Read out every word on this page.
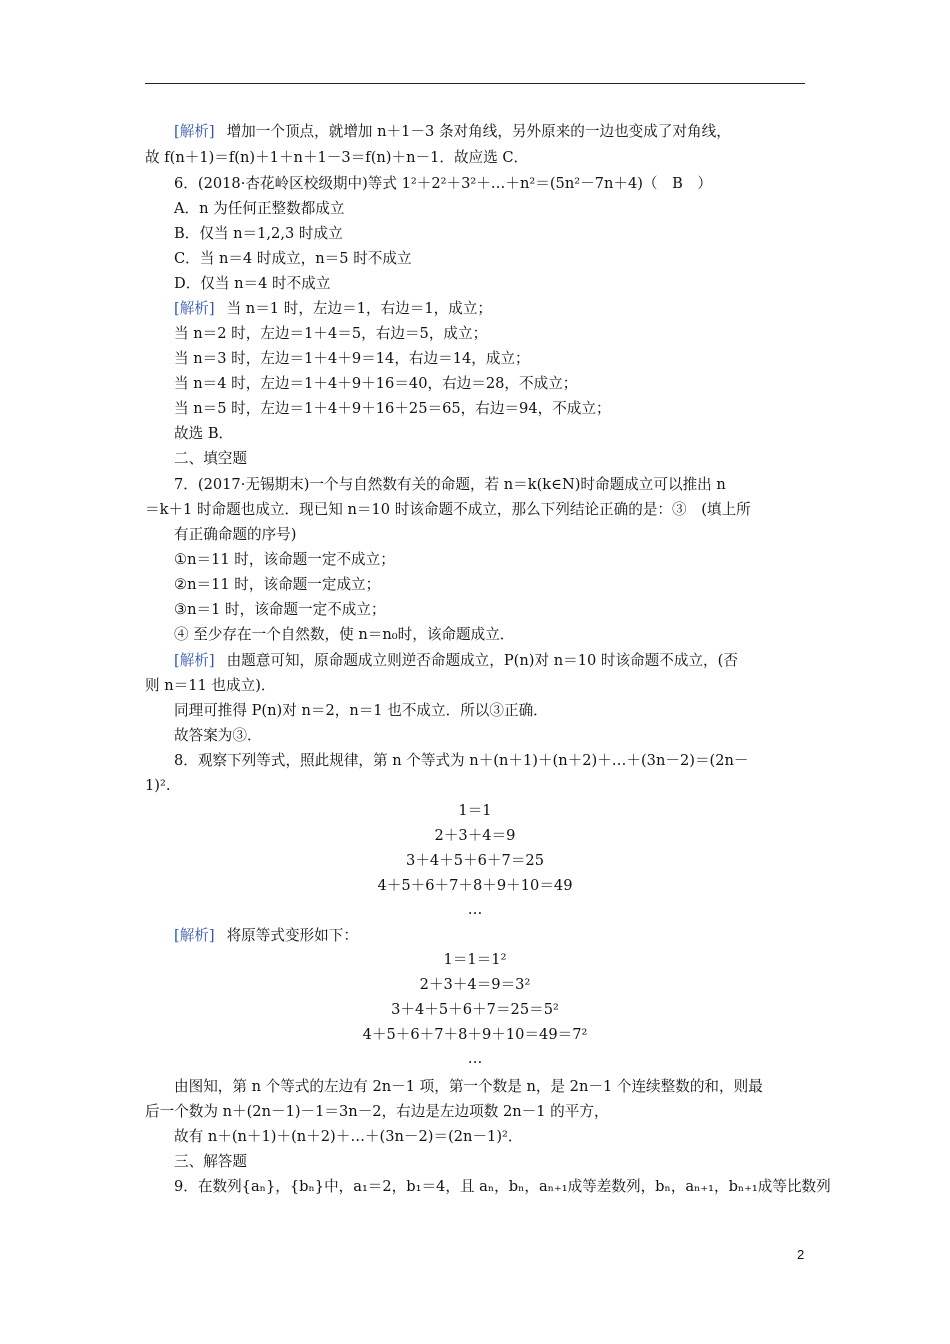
[解析] 增加一个顶点，就增加 n＋1－3 条对角线，另外原来的一边也变成了对角线，
故 f(n＋1)＝f(n)＋1＋n＋1－3＝f(n)＋n－1．故应选 C．
6．(2018·杏花岭区校级期中)等式 1²＋2²＋3²＋…＋n²＝(5n²－7n＋4)（　B　）
A．n 为任何正整数都成立
B．仅当 n＝1,2,3 时成立
C．当 n＝4 时成立，n＝5 时不成立
D．仅当 n＝4 时不成立
[解析] 当 n＝1 时，左边＝1，右边＝1，成立；
当 n＝2 时，左边＝1＋4＝5，右边＝5，成立；
当 n＝3 时，左边＝1＋4＋9＝14，右边＝14，成立；
当 n＝4 时，左边＝1＋4＋9＋16＝40，右边＝28，不成立；
当 n＝5 时，左边＝1＋4＋9＋16＋25＝65，右边＝94，不成立；
故选 B．
二、填空题
7．(2017·无锡期末)一个与自然数有关的命题，若 n＝k(k∈N)时命题成立可以推出 n
＝k＋1 时命题也成立．现已知 n＝10 时该命题不成立，那么下列结论正确的是：③　(填上所
有正确命题的序号)
①n＝11 时，该命题一定不成立；
②n＝11 时，该命题一定成立；
③n＝1 时，该命题一定不成立；
④ 至少存在一个自然数，使 n＝n₀时，该命题成立．
[解析] 由题意可知，原命题成立则逆否命题成立，P(n)对 n＝10 时该命题不成立，(否
则 n＝11 也成立)．
同理可推得 P(n)对 n＝2，n＝1 也不成立．所以③正确．
故答案为③．
8．观察下列等式，照此规律，第 n 个等式为 n＋(n＋1)＋(n＋2)＋…＋(3n－2)＝(2n－
1)².
由图知，第 n 个等式的左边有 2n－1 项，第一个数是 n，是 2n－1 个连续整数的和，则最
后一个数为 n＋(2n－1)－1＝3n－2，右边是左边项数 2n－1 的平方，
故有 n＋(n＋1)＋(n＋2)＋…＋(3n－2)＝(2n－1)²．
三、解答题
9．在数列{aₙ}，{bₙ}中，a₁＝2，b₁＝4，且 aₙ，bₙ，aₙ₊₁成等差数列，bₙ，aₙ₊₁，bₙ₊₁成等比数列
[解析] 将原等式变形如下：
1＝1
2＋3＋4＝9
3＋4＋5＋6＋7＝25
4＋5＋6＋7＋8＋9＋10＝49
…
1＝1＝1²
2＋3＋4＝9＝3²
3＋4＋5＋6＋7＝25＝5²
4＋5＋6＋7＋8＋9＋10＝49＝7²
…
2
